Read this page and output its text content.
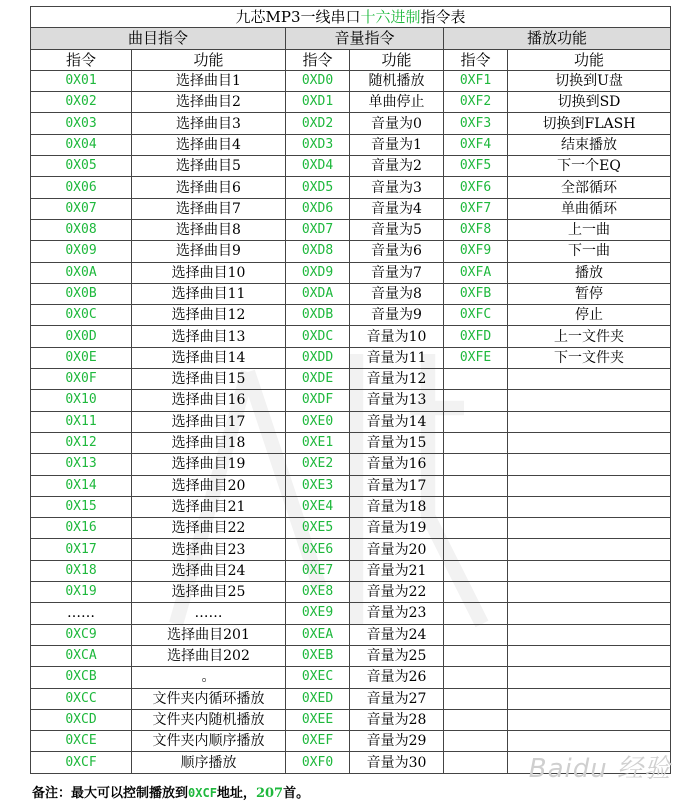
九芯MP3一线串口十六进制指令表					
曲目指令		音量指令		播放功能	
指令	功能	指令	功能	指令	功能
0X01	选择曲目1	0XD0	随机播放	0XF1	切换到U盘
0X02	选择曲目2	0XD1	单曲停止	0XF2	切换到SD
0X03	选择曲目3	0XD2	音量为0	0XF3	切换到FLASH
0X04	选择曲目4	0XD3	音量为1	0XF4	结束播放
0X05	选择曲目5	0XD4	音量为2	0XF5	下一个EQ
0X06	选择曲目6	0XD5	音量为3	0XF6	全部循环
0X07	选择曲目7	0XD6	音量为4	0XF7	单曲循环
0X08	选择曲目8	0XD7	音量为5	0XF8	上一曲
0X09	选择曲目9	0XD8	音量为6	0XF9	下一曲
0X0A	选择曲目10	0XD9	音量为7	0XFA	播放
0X0B	选择曲目11	0XDA	音量为8	0XFB	暂停
0X0C	选择曲目12	0XDB	音量为9	0XFC	停止
0X0D	选择曲目13	0XDC	音量为10	0XFD	上一文件夹
0X0E	选择曲目14	0XDD	音量为11	0XFE	下一文件夹
0X0F	选择曲目15	0XDE	音量为12		
0X10	选择曲目16	0XDF	音量为13		
0X11	选择曲目17	0XE0	音量为14		
0X12	选择曲目18	0XE1	音量为15		
0X13	选择曲目19	0XE2	音量为16		
0X14	选择曲目20	0XE3	音量为17		
0X15	选择曲目21	0XE4	音量为18		
0X16	选择曲目22	0XE5	音量为19		
0X17	选择曲目23	0XE6	音量为20		
0X18	选择曲目24	0XE7	音量为21		
0X19	选择曲目25	0XE8	音量为22		
……	……	0XE9	音量为23		
0XC9	选择曲目201	0XEA	音量为24		
0XCA	选择曲目202	0XEB	音量为25		
0XCB	。	0XEC	音量为26		
0XCC	文件夹内循环播放	0XED	音量为27		
0XCD	文件夹内随机播放	0XEE	音量为28		
0XCE	文件夹内顺序播放	0XEF	音量为29		
0XCF	顺序播放	0XF0	音量为30		
备注：最大可以控制播放到0XCF地址，207首。
Baidu 经验
